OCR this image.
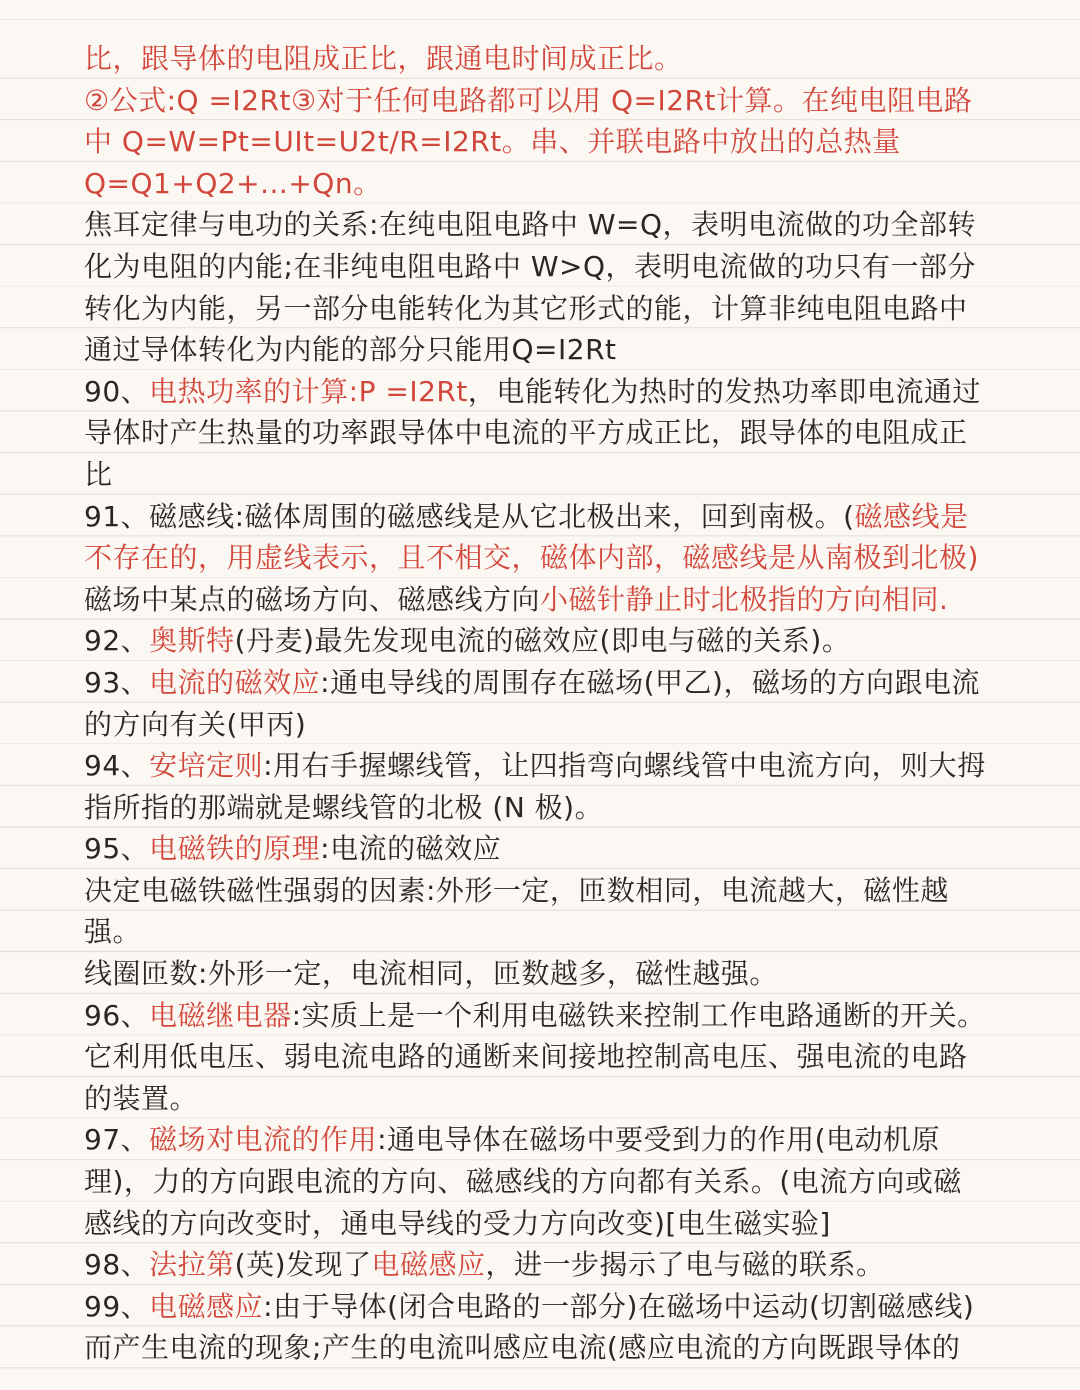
比，跟导体的电阻成正比，跟通电时间成正比。
②公式:Q =I2Rt③对于任何电路都可以用 Q=I2Rt计算。在纯电阻电路
中 Q=W=Pt=UIt=U2t/R=I2Rt。串、并联电路中放出的总热量
Q=Q1+Q2+...+Qn。
焦耳定律与电功的关系:在纯电阻电路中 W=Q，表明电流做的功全部转
化为电阻的内能;在非纯电阻电路中 W>Q，表明电流做的功只有一部分
转化为内能，另一部分电能转化为其它形式的能，计算非纯电阻电路中
通过导体转化为内能的部分只能用Q=I2Rt
90、电热功率的计算:P =I2Rt，电能转化为热时的发热功率即电流通过
导体时产生热量的功率跟导体中电流的平方成正比，跟导体的电阻成正
比
91、磁感线:磁体周围的磁感线是从它北极出来，回到南极。(磁感线是
不存在的，用虚线表示，且不相交，磁体内部，磁感线是从南极到北极)
磁场中某点的磁场方向、磁感线方向小磁针静止时北极指的方向相同.
92、奥斯特(丹麦)最先发现电流的磁效应(即电与磁的关系)。
93、电流的磁效应:通电导线的周围存在磁场(甲乙)，磁场的方向跟电流
的方向有关(甲丙)
94、安培定则:用右手握螺线管，让四指弯向螺线管中电流方向，则大拇
指所指的那端就是螺线管的北极 (N 极)。
95、电磁铁的原理:电流的磁效应
决定电磁铁磁性强弱的因素:外形一定，匝数相同，电流越大，磁性越
强。
线圈匝数:外形一定，电流相同，匝数越多，磁性越强。
96、电磁继电器:实质上是一个利用电磁铁来控制工作电路通断的开关。
它利用低电压、弱电流电路的通断来间接地控制高电压、强电流的电路
的装置。
97、磁场对电流的作用:通电导体在磁场中要受到力的作用(电动机原
理)，力的方向跟电流的方向、磁感线的方向都有关系。(电流方向或磁
感线的方向改变时，通电导线的受力方向改变)[电生磁实验]
98、法拉第(英)发现了电磁感应，进一步揭示了电与磁的联系。
99、电磁感应:由于导体(闭合电路的一部分)在磁场中运动(切割磁感线)
而产生电流的现象;产生的电流叫感应电流(感应电流的方向既跟导体的
